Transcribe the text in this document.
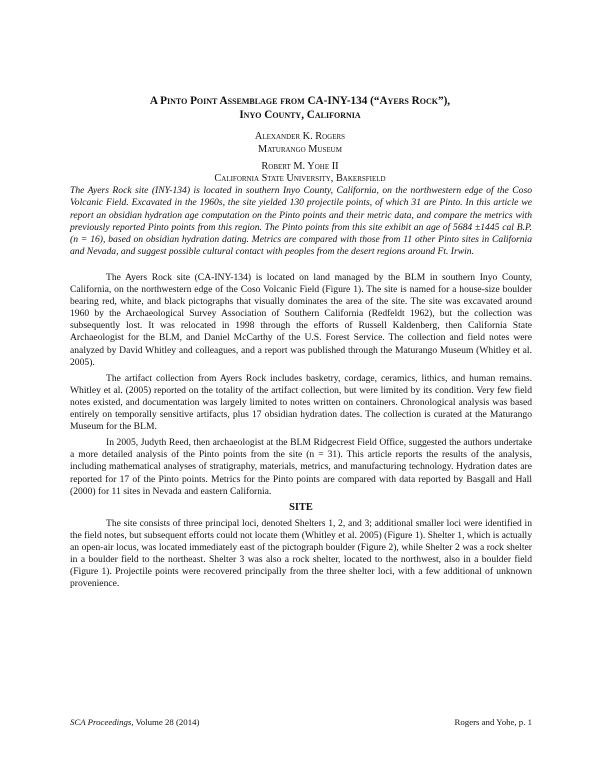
A Pinto Point Assemblage from CA-INY-134 (“Ayers Rock”),
Inyo County, California
Alexander K. Rogers
Maturango Museum
Robert M. Yohe II
California State University, Bakersfield

The Ayers Rock site (INY-134) is located in southern Inyo County, California, on the northwestern edge of the Coso Volcanic Field. Excavated in the 1960s, the site yielded 130 projectile points, of which 31 are Pinto. In this article we report an obsidian hydration age computation on the Pinto points and their metric data, and compare the metrics with previously reported Pinto points from this region. The Pinto points from this site exhibit an age of 5684 ±1445 cal B.P. (n = 16), based on obsidian hydration dating. Metrics are compared with those from 11 other Pinto sites in California and Nevada, and suggest possible cultural contact with peoples from the desert regions around Ft. Irwin.

The Ayers Rock site (CA-INY-134) is located on land managed by the BLM in southern Inyo County, California, on the northwestern edge of the Coso Volcanic Field (Figure 1). The site is named for a house-size boulder bearing red, white, and black pictographs that visually dominates the area of the site. The site was excavated around 1960 by the Archaeological Survey Association of Southern California (Redfeldt 1962), but the collection was subsequently lost. It was relocated in 1998 through the efforts of Russell Kaldenberg, then California State Archaeologist for the BLM, and Daniel McCarthy of the U.S. Forest Service. The collection and field notes were analyzed by David Whitley and colleagues, and a report was published through the Maturango Museum (Whitley et al. 2005).

The artifact collection from Ayers Rock includes basketry, cordage, ceramics, lithics, and human remains. Whitley et al. (2005) reported on the totality of the artifact collection, but were limited by its condition. Very few field notes existed, and documentation was largely limited to notes written on containers. Chronological analysis was based entirely on temporally sensitive artifacts, plus 17 obsidian hydration dates. The collection is curated at the Maturango Museum for the BLM.

In 2005, Judyth Reed, then archaeologist at the BLM Ridgecrest Field Office, suggested the authors undertake a more detailed analysis of the Pinto points from the site (n = 31). This article reports the results of the analysis, including mathematical analyses of stratigraphy, materials, metrics, and manufacturing technology. Hydration dates are reported for 17 of the Pinto points. Metrics for the Pinto points are compared with data reported by Basgall and Hall (2000) for 11 sites in Nevada and eastern California.

SITE

The site consists of three principal loci, denoted Shelters 1, 2, and 3; additional smaller loci were identified in the field notes, but subsequent efforts could not locate them (Whitley et al. 2005) (Figure 1). Shelter 1, which is actually an open-air locus, was located immediately east of the pictograph boulder (Figure 2), while Shelter 2 was a rock shelter in a boulder field to the northeast. Shelter 3 was also a rock shelter, located to the northwest, also in a boulder field (Figure 1). Projectile points were recovered principally from the three shelter loci, with a few additional of unknown provenience.

SCA Proceedings, Volume 28 (2014)	Rogers and Yohe, p. 1
